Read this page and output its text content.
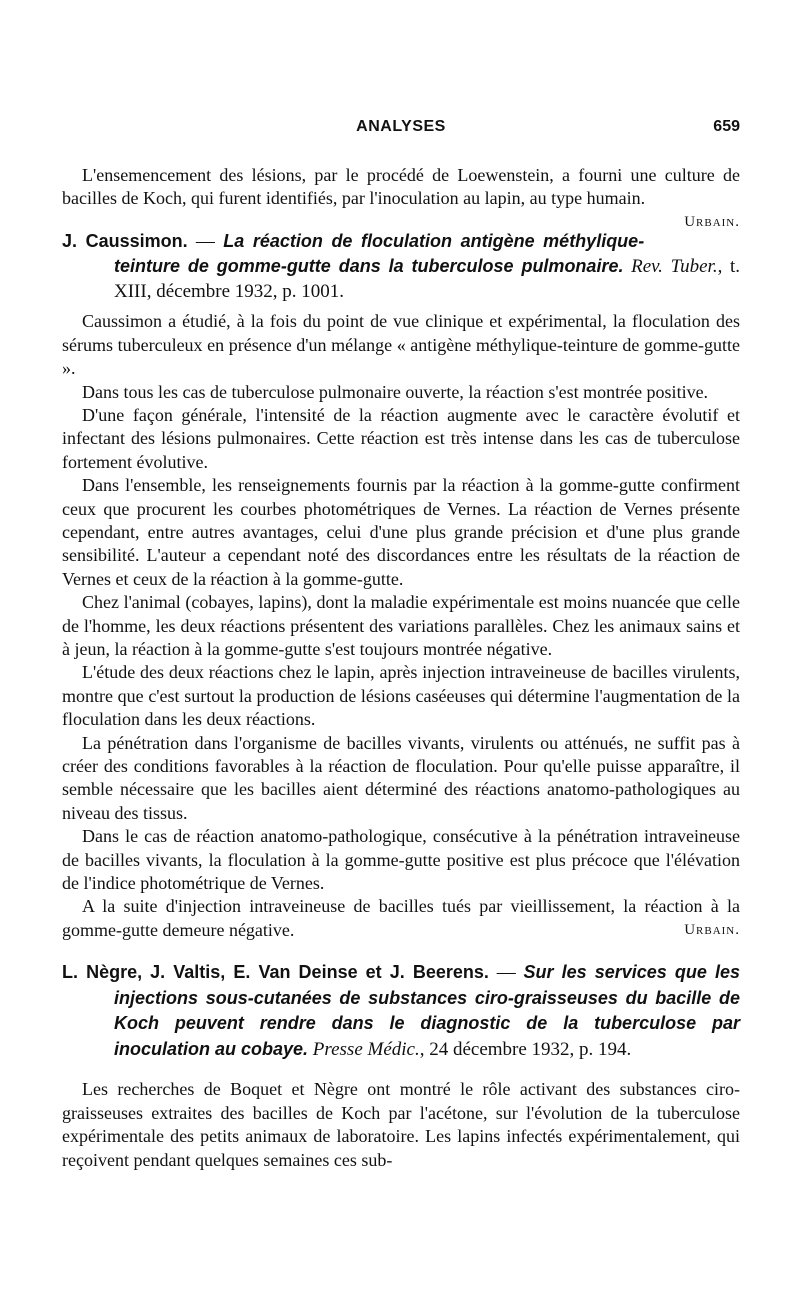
ANALYSES	659

L'ensemencement des lésions, par le procédé de Loewenstein, a fourni une culture de bacilles de Koch, qui furent identifiés, par l'inoculation au lapin, au type humain.
Urbain.

J. Caussimon. — La réaction de floculation antigène méthylique-teinture de gomme-gutte dans la tuberculose pulmonaire. Rev. Tuber., t. XIII, décembre 1932, p. 1001.

Caussimon a étudié, à la fois du point de vue clinique et expérimental, la floculation des sérums tuberculeux en présence d'un mélange « antigène méthylique-teinture de gomme-gutte ».

Dans tous les cas de tuberculose pulmonaire ouverte, la réaction s'est montrée positive.

D'une façon générale, l'intensité de la réaction augmente avec le caractère évolutif et infectant des lésions pulmonaires. Cette réaction est très intense dans les cas de tuberculose fortement évolutive.

Dans l'ensemble, les renseignements fournis par la réaction à la gomme-gutte confirment ceux que procurent les courbes photométriques de Vernes. La réaction de Vernes présente cependant, entre autres avantages, celui d'une plus grande précision et d'une plus grande sensibilité. L'auteur a cependant noté des discordances entre les résultats de la réaction de Vernes et ceux de la réaction à la gomme-gutte.

Chez l'animal (cobayes, lapins), dont la maladie expérimentale est moins nuancée que celle de l'homme, les deux réactions présentent des variations parallèles. Chez les animaux sains et à jeun, la réaction à la gomme-gutte s'est toujours montrée négative.

L'étude des deux réactions chez le lapin, après injection intraveineuse de bacilles virulents, montre que c'est surtout la production de lésions caséeuses qui détermine l'augmentation de la floculation dans les deux réactions.

La pénétration dans l'organisme de bacilles vivants, virulents ou atténués, ne suffit pas à créer des conditions favorables à la réaction de floculation. Pour qu'elle puisse apparaître, il semble nécessaire que les bacilles aient déterminé des réactions anatomo-pathologiques au niveau des tissus.

Dans le cas de réaction anatomo-pathologique, consécutive à la pénétration intraveineuse de bacilles vivants, la floculation à la gomme-gutte positive est plus précoce que l'élévation de l'indice photométrique de Vernes.

A la suite d'injection intraveineuse de bacilles tués par vieillissement, la réaction à la gomme-gutte demeure négative.	Urbain.

L. Nègre, J. Valtis, E. Van Deinse et J. Beerens. — Sur les services que les injections sous-cutanées de substances ciro-graisseuses du bacille de Koch peuvent rendre dans le diagnostic de la tuberculose par inoculation au cobaye. Presse Médic., 24 décembre 1932, p. 194.

Les recherches de Boquet et Nègre ont montré le rôle activant des substances ciro-graisseuses extraites des bacilles de Koch par l'acétone, sur l'évolution de la tuberculose expérimentale des petits animaux de laboratoire. Les lapins infectés expérimentalement, qui reçoivent pendant quelques semaines ces sub-
